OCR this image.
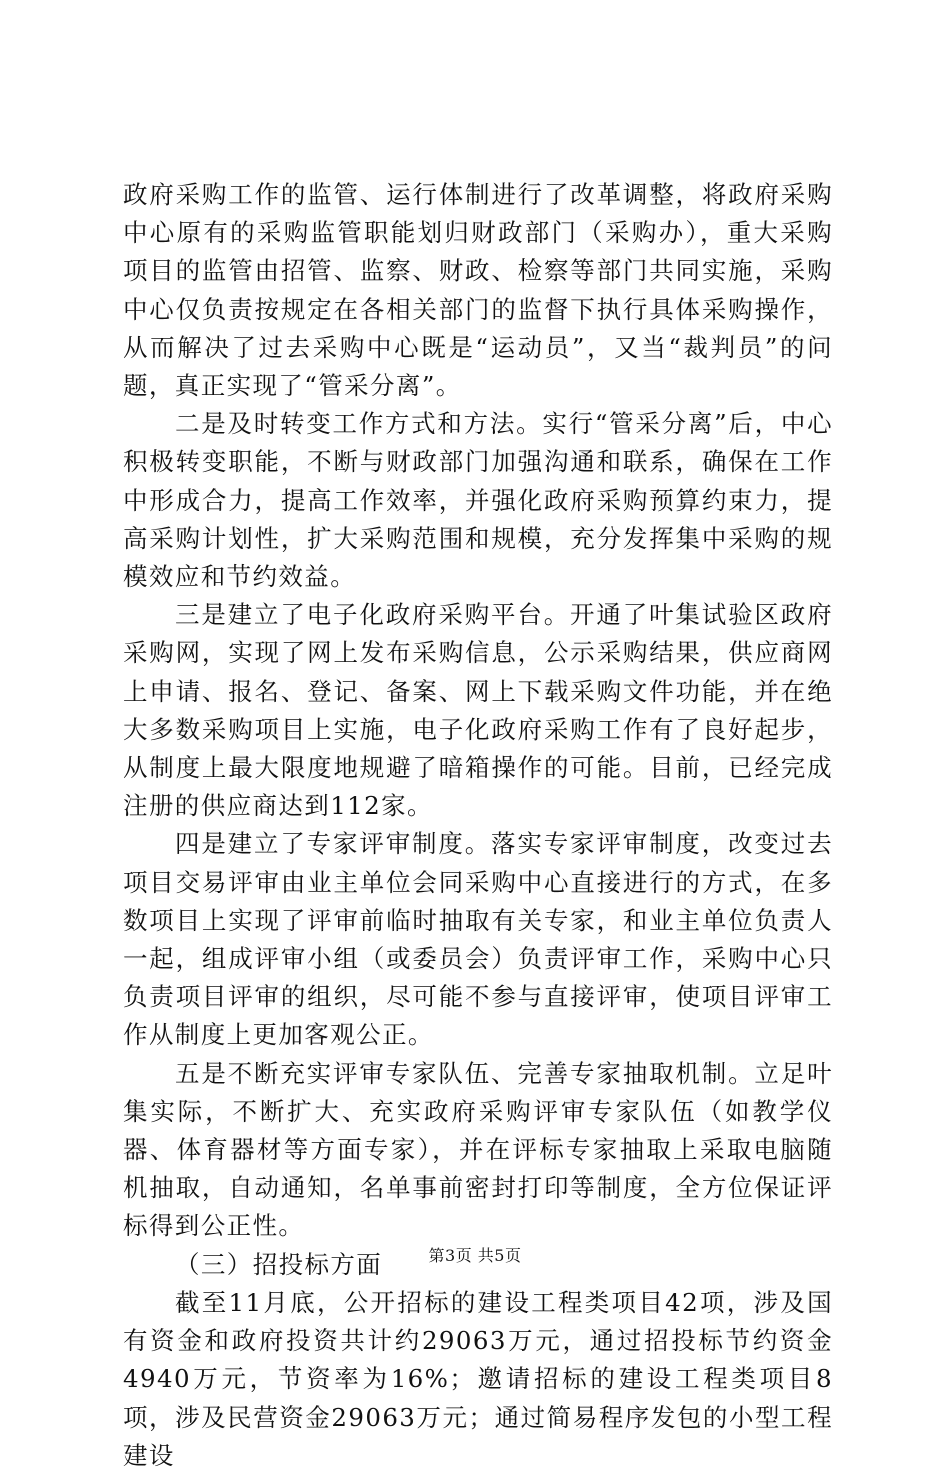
政府采购工作的监管、运行体制进行了改革调整，将政府采购中心原有的采购监管职能划归财政部门（采购办），重大采购项目的监管由招管、监察、财政、检察等部门共同实施，采购中心仅负责按规定在各相关部门的监督下执行具体采购操作，从而解决了过去采购中心既是“运动员”，又当“裁判员”的问题，真正实现了“管采分离”。

二是及时转变工作方式和方法。实行“管采分离”后，中心积极转变职能，不断与财政部门加强沟通和联系，确保在工作中形成合力，提高工作效率，并强化政府采购预算约束力，提高采购计划性，扩大采购范围和规模，充分发挥集中采购的规模效应和节约效益。

三是建立了电子化政府采购平台。开通了叶集试验区政府采购网，实现了网上发布采购信息，公示采购结果，供应商网上申请、报名、登记、备案、网上下载采购文件功能，并在绝大多数采购项目上实施，电子化政府采购工作有了良好起步，从制度上最大限度地规避了暗箱操作的可能。目前，已经完成注册的供应商达到112家。

四是建立了专家评审制度。落实专家评审制度，改变过去项目交易评审由业主单位会同采购中心直接进行的方式，在多数项目上实现了评审前临时抽取有关专家，和业主单位负责人一起，组成评审小组（或委员会）负责评审工作，采购中心只负责项目评审的组织，尽可能不参与直接评审，使项目评审工作从制度上更加客观公正。

五是不断充实评审专家队伍、完善专家抽取机制。立足叶集实际，不断扩大、充实政府采购评审专家队伍（如教学仪器、体育器材等方面专家），并在评标专家抽取上采取电脑随机抽取，自动通知，名单事前密封打印等制度，全方位保证评标得到公正性。

（三）招投标方面

截至11月底，公开招标的建设工程类项目42项，涉及国有资金和政府投资共计约29063万元，通过招投标节约资金4940万元，节资率为16%；邀请招标的建设工程类项目8项，涉及民营资金29063万元；通过简易程序发包的小型工程建设

第3页 共5页
